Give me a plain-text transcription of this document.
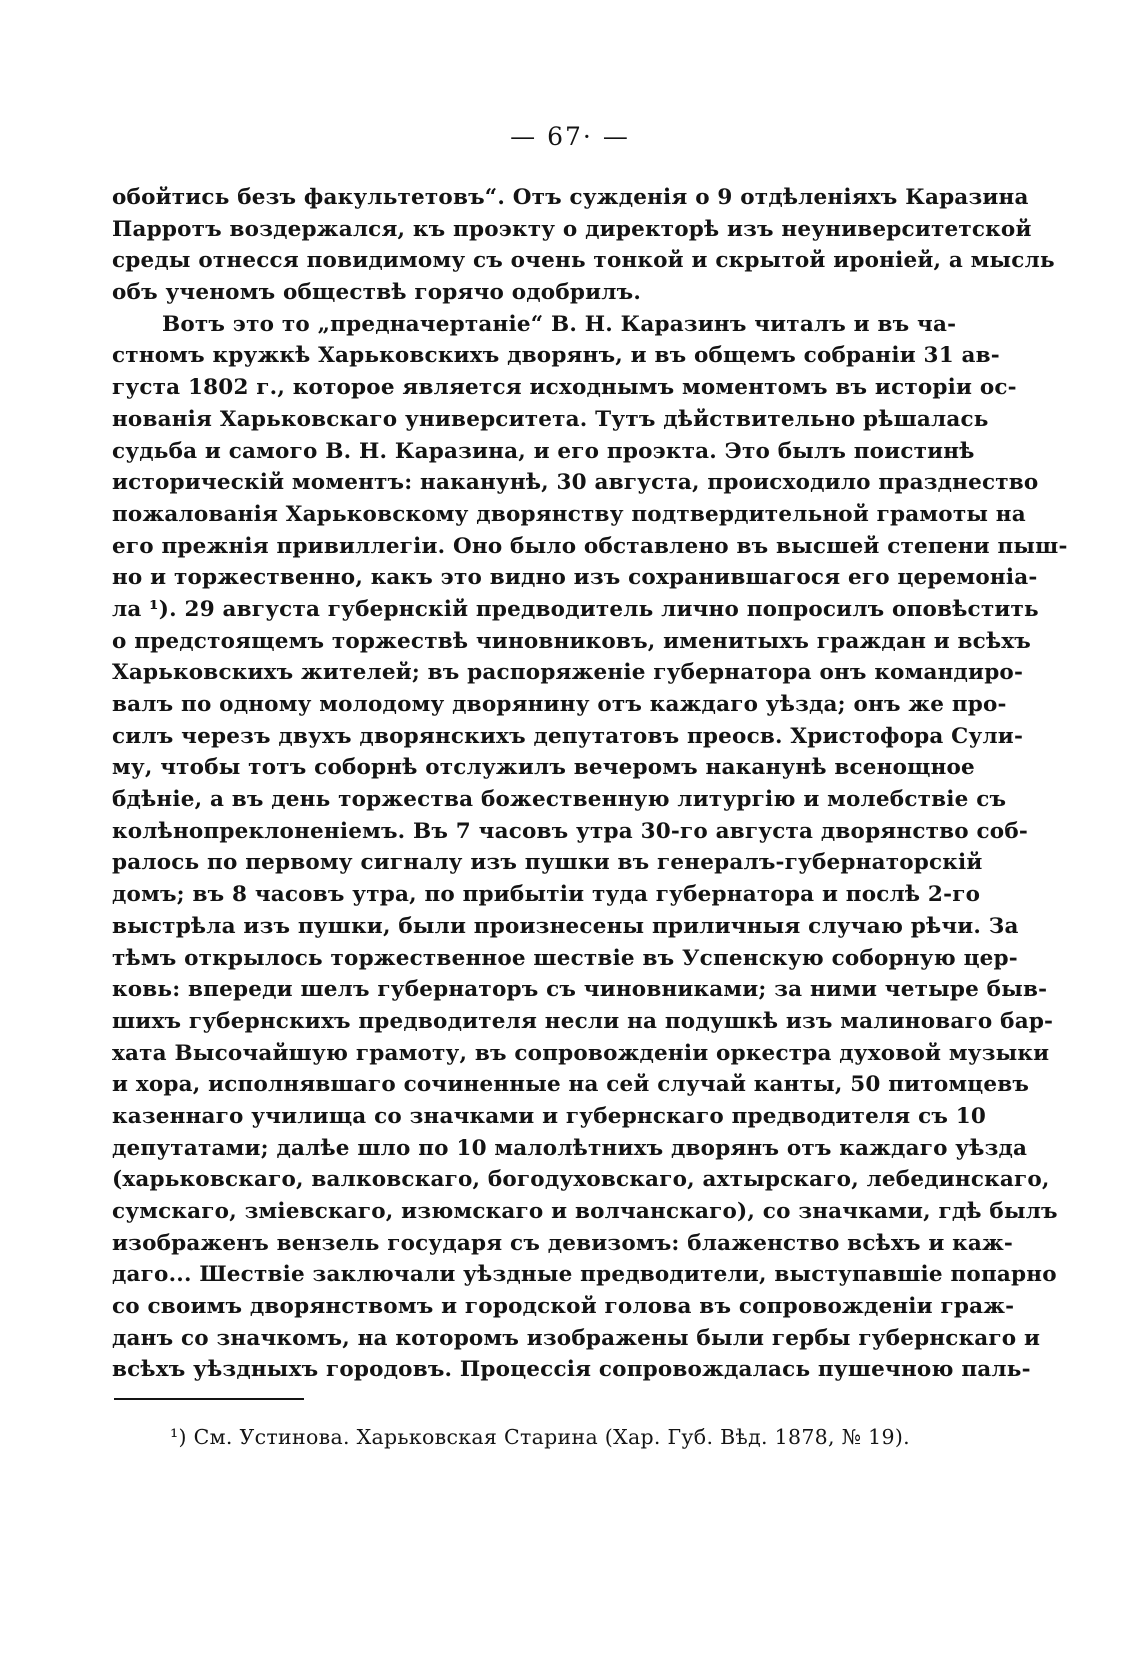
— 67· —
обойтись безъ факультетовъ“. Отъ сужденія о 9 отдѣленіяхъ Каразина
Парротъ воздержался, къ проэкту о директорѣ изъ неуниверситетской
среды отнесся повидимому съ очень тонкой и скрытой ироніей, а мысль
объ ученомъ обществѣ горячо одобрилъ.
Вотъ это то „предначертаніе“ В. Н. Каразинъ читалъ и въ ча-
стномъ кружкѣ Харьковскихъ дворянъ, и въ общемъ собраніи 31 ав-
густа 1802 г., которое является исходнымъ моментомъ въ исторіи ос-
нованія Харьковскаго университета. Тутъ дѣйствительно рѣшалась
судьба и самого В. Н. Каразина, и его проэкта. Это былъ поистинѣ
историческій моментъ: наканунѣ, 30 августа, происходило празднество
пожалованія Харьковскому дворянству подтвердительной грамоты на
его прежнія привиллегіи. Оно было обставлено въ высшей степени пыш-
но и торжественно, какъ это видно изъ сохранившагося его церемоніа-
ла ¹). 29 августа губернскій предводитель лично попросилъ оповѣстить
о предстоящемъ торжествѣ чиновниковъ, именитыхъ граждан и всѣхъ
Харьковскихъ жителей; въ распоряженіе губернатора онъ командиро-
валъ по одному молодому дворянину отъ каждаго уѣзда; онъ же про-
силъ черезъ двухъ дворянскихъ депутатовъ преосв. Христофора Сули-
му, чтобы тотъ соборнѣ отслужилъ вечеромъ наканунѣ всенощное
бдѣніе, а въ день торжества божественную литургію и молебствіе съ
колѣнопреклоненіемъ. Въ 7 часовъ утра 30-го августа дворянство соб-
ралось по первому сигналу изъ пушки въ генералъ-губернаторскій
домъ; въ 8 часовъ утра, по прибытіи туда губернатора и послѣ 2-го
выстрѣла изъ пушки, были произнесены приличныя случаю рѣчи. За
тѣмъ открылось торжественное шествіе въ Успенскую соборную цер-
ковь: впереди шелъ губернаторъ съ чиновниками; за ними четыре быв-
шихъ губернскихъ предводителя несли на подушкѣ изъ малиноваго бар-
хата Высочайшую грамоту, въ сопровожденіи оркестра духовой музыки
и хора, исполнявшаго сочиненные на сей случай канты, 50 питомцевъ
казеннаго училища со значками и губернскаго предводителя съ 10
депутатами; далѣе шло по 10 малолѣтнихъ дворянъ отъ каждаго уѣзда
(харьковскаго, валковскаго, богодуховскаго, ахтырскаго, лебединскаго,
сумскаго, зміевскаго, изюмскаго и волчанскаго), со значками, гдѣ былъ
изображенъ вензель государя съ девизомъ: блаженство всѣхъ и каж-
даго... Шествіе заключали уѣздные предводители, выступавшіе попарно
со своимъ дворянствомъ и городской голова въ сопровожденіи граж-
данъ со значкомъ, на которомъ изображены были гербы губернскаго и
всѣхъ уѣздныхъ городовъ. Процессія сопровождалась пушечною паль-
¹) См. Устинова. Харьковская Старина (Хар. Губ. Вѣд. 1878, № 19).
